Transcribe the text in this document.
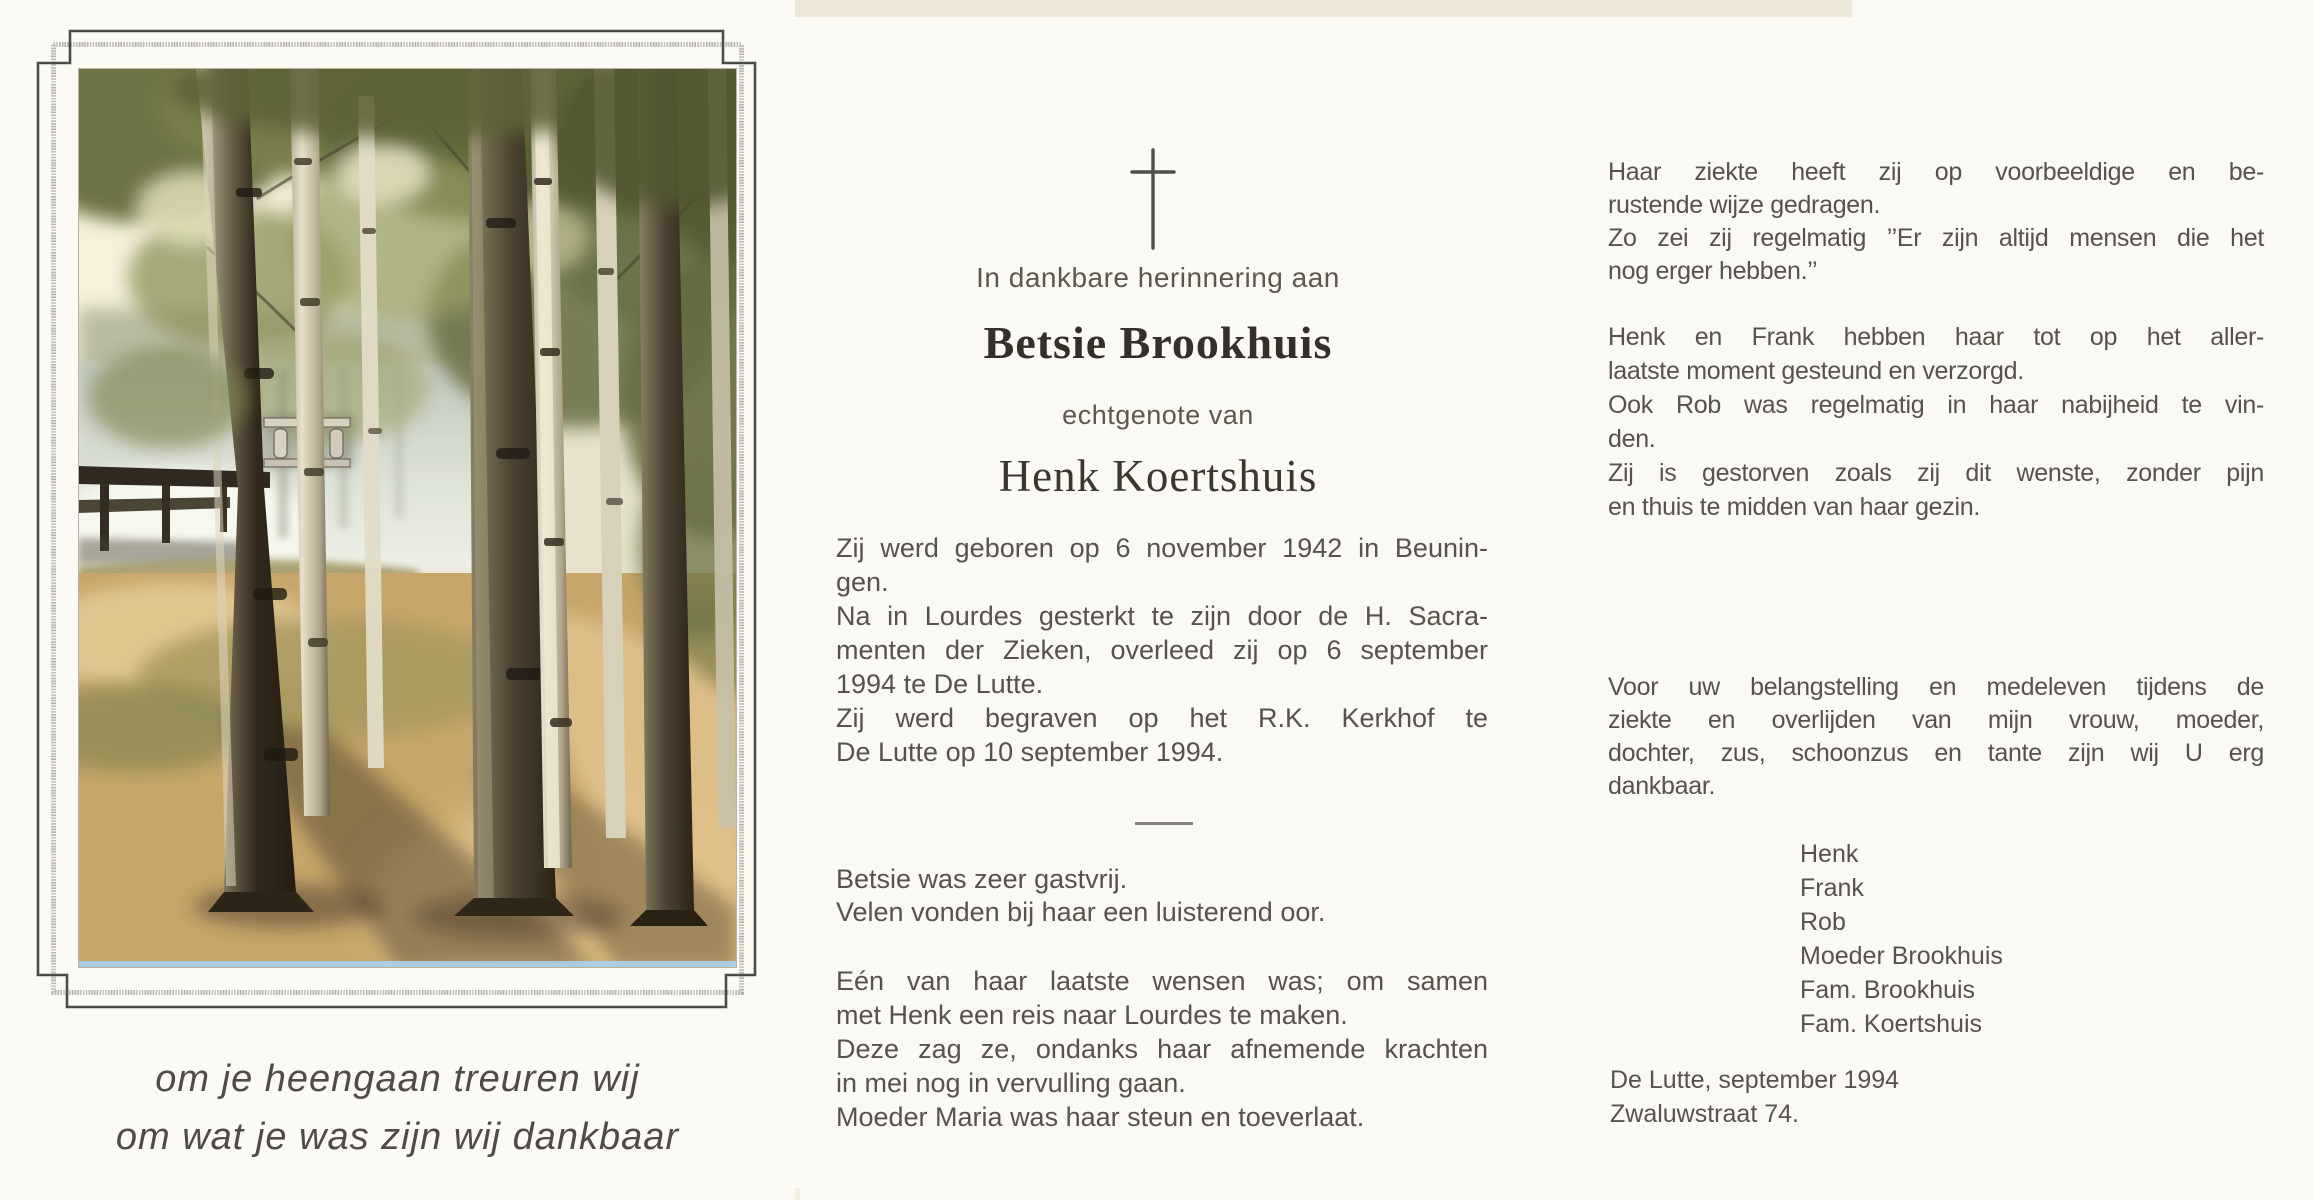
om je heengaan treuren wij
om wat je was zijn wij dankbaar
In dankbare herinnering aan
Betsie Brookhuis
echtgenote van
Henk Koertshuis
Zij werd geboren op 6 november 1942 in Beunin-
gen.
Na in Lourdes gesterkt te zijn door de H. Sacra-
menten der Zieken, overleed zij op 6 september
1994 te De Lutte.
Zij werd begraven op het R.K. Kerkhof te
De Lutte op 10 september 1994.
Betsie was zeer gastvrij.
Velen vonden bij haar een luisterend oor.
Eén van haar laatste wensen was; om samen
met Henk een reis naar Lourdes te maken.
Deze zag ze, ondanks haar afnemende krachten
in mei nog in vervulling gaan.
Moeder Maria was haar steun en toeverlaat.
Haar ziekte heeft zij op voorbeeldige en be-
rustende wijze gedragen.
Zo zei zij regelmatig ’’Er zijn altijd mensen die het
nog erger hebben.’’
Henk en Frank hebben haar tot op het aller-
laatste moment gesteund en verzorgd.
Ook Rob was regelmatig in haar nabijheid te vin-
den.
Zij is gestorven zoals zij dit wenste, zonder pijn
en thuis te midden van haar gezin.
Voor uw belangstelling en medeleven tijdens de
ziekte en overlijden van mijn vrouw, moeder,
dochter, zus, schoonzus en tante zijn wij U erg
dankbaar.
Henk
Frank
Rob
Moeder Brookhuis
Fam. Brookhuis
Fam. Koertshuis
De Lutte, september 1994
Zwaluwstraat 74.
